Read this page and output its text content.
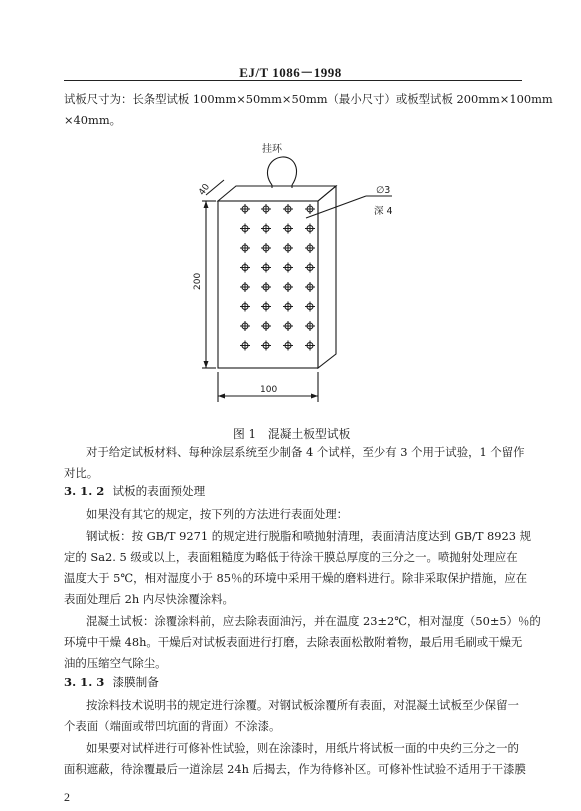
EJ/T 1086－1998
试板尺寸为：长条型试板 100mm×50mm×50mm（最小尺寸）或板型试板 200mm×100mm
×40mm。
挂环
40
200
100
∅3
深 4
图 1　混凝土板型试板
对于给定试板材料、每种涂层系统至少制备 4 个试样，至少有 3 个用于试验，1 个留作
对比。
3. 1. 2 试板的表面预处理
如果没有其它的规定，按下列的方法进行表面处理：
钢试板：按 GB/T 9271 的规定进行脱脂和喷抛射清理，表面清洁度达到 GB/T 8923 规
定的 Sa2. 5 级或以上，表面粗糙度为略低于待涂干膜总厚度的三分之一。喷抛射处理应在
温度大于 5℃，相对湿度小于 85％的环境中采用干燥的磨料进行。除非采取保护措施，应在
表面处理后 2h 内尽快涂覆涂料。
混凝土试板：涂覆涂料前，应去除表面油污，并在温度 23±2℃，相对湿度（50±5）％的
环境中干燥 48h。干燥后对试板表面进行打磨，去除表面松散附着物，最后用毛刷或干燥无
油的压缩空气除尘。
3. 1. 3 漆膜制备
按涂料技术说明书的规定进行涂覆。对钢试板涂覆所有表面，对混凝土试板至少保留一
个表面（端面或带凹坑面的背面）不涂漆。
如果要对试样进行可修补性试验，则在涂漆时，用纸片将试板一面的中央约三分之一的
面积遮蔽，待涂覆最后一道涂层 24h 后揭去，作为待修补区。可修补性试验不适用于干漆膜
2
